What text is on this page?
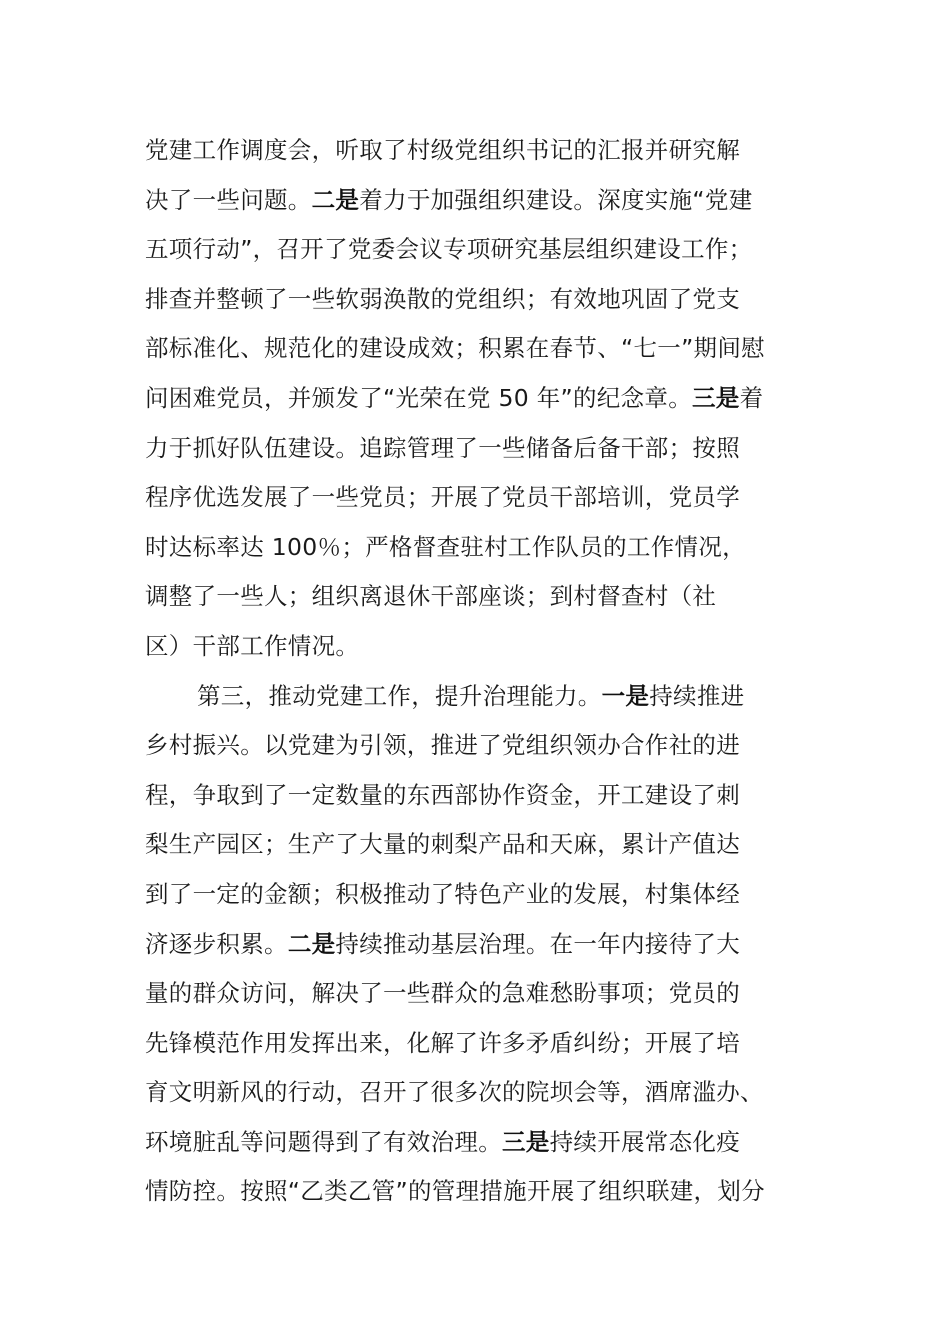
党建工作调度会，听取了村级党组织书记的汇报并研究解
决了一些问题。二是着力于加强组织建设。深度实施“党建
五项行动”，召开了党委会议专项研究基层组织建设工作；
排查并整顿了一些软弱涣散的党组织；有效地巩固了党支
部标准化、规范化的建设成效；积累在春节、“七一”期间慰
问困难党员，并颁发了“光荣在党 50 年”的纪念章。三是着
力于抓好队伍建设。追踪管理了一些储备后备干部；按照
程序优选发展了一些党员；开展了党员干部培训，党员学
时达标率达 100％；严格督查驻村工作队员的工作情况，
调整了一些人；组织离退休干部座谈；到村督查村（社
区）干部工作情况。
第三，推动党建工作，提升治理能力。一是持续推进
乡村振兴。以党建为引领，推进了党组织领办合作社的进
程，争取到了一定数量的东西部协作资金，开工建设了刺
梨生产园区；生产了大量的刺梨产品和天麻，累计产值达
到了一定的金额；积极推动了特色产业的发展，村集体经
济逐步积累。二是持续推动基层治理。在一年内接待了大
量的群众访问，解决了一些群众的急难愁盼事项；党员的
先锋模范作用发挥出来，化解了许多矛盾纠纷；开展了培
育文明新风的行动，召开了很多次的院坝会等，酒席滥办、
环境脏乱等问题得到了有效治理。三是持续开展常态化疫
情防控。按照“乙类乙管”的管理措施开展了组织联建，划分
